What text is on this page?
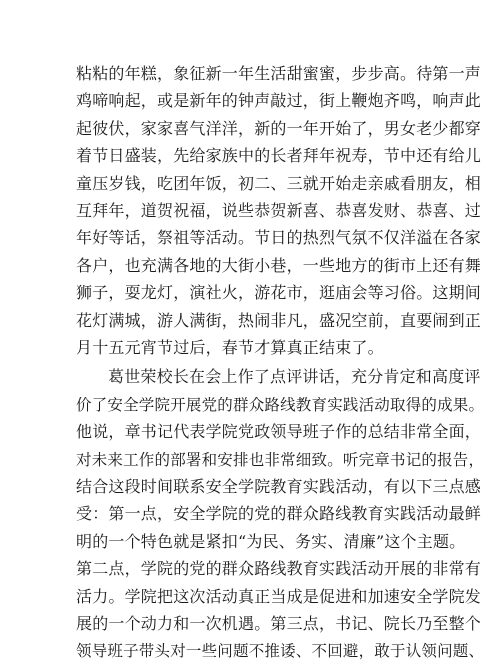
粘粘的年糕，象征新一年生活甜蜜蜜，步步高。待第一声
鸡啼响起，或是新年的钟声敲过，街上鞭炮齐鸣，响声此
起彼伏，家家喜气洋洋，新的一年开始了，男女老少都穿
着节日盛装，先给家族中的长者拜年祝寿，节中还有给儿
童压岁钱，吃团年饭，初二、三就开始走亲戚看朋友，相
互拜年，道贺祝福，说些恭贺新喜、恭喜发财、恭喜、过
年好等话，祭祖等活动。节日的热烈气氛不仅洋溢在各家
各户，也充满各地的大街小巷，一些地方的街市上还有舞
狮子，耍龙灯，演社火，游花市，逛庙会等习俗。这期间
花灯满城，游人满街，热闹非凡，盛况空前，直要闹到正
月十五元宵节过后，春节才算真正结束了。
葛世荣校长在会上作了点评讲话，充分肯定和高度评
价了安全学院开展党的群众路线教育实践活动取得的成果。
他说，章书记代表学院党政领导班子作的总结非常全面，
对未来工作的部署和安排也非常细致。听完章书记的报告，
结合这段时间联系安全学院教育实践活动，有以下三点感
受：第一点，安全学院的党的群众路线教育实践活动最鲜
明的一个特色就是紧扣“为民、务实、清廉”这个主题。
第二点，学院的党的群众路线教育实践活动开展的非常有
活力。学院把这次活动真正当成是促进和加速安全学院发
展的一个动力和一次机遇。第三点，书记、院长乃至整个
领导班子带头对一些问题不推诿、不回避，敢于认领问题、
